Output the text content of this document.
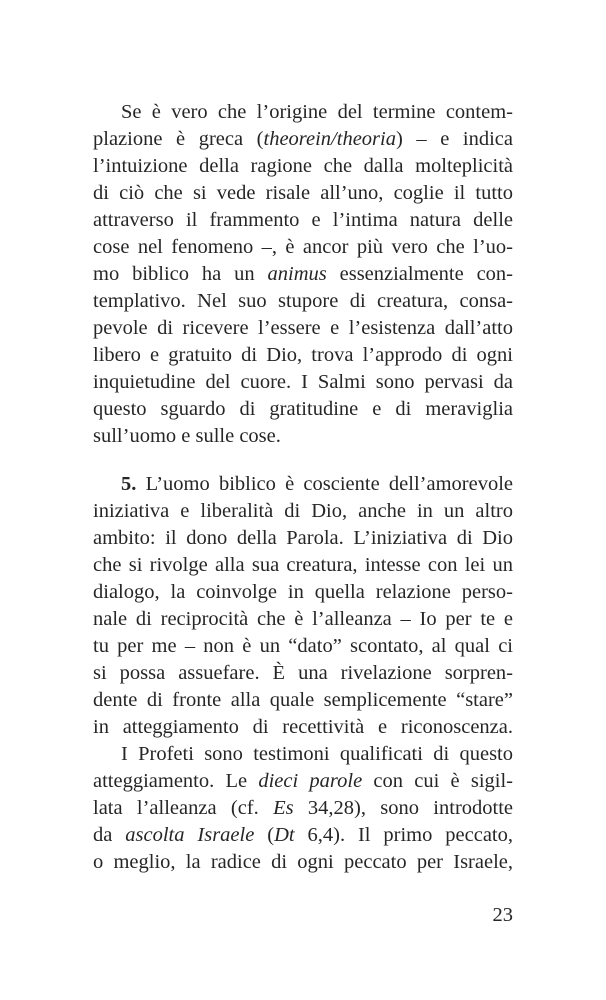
Se è vero che l’origine del termine contem-
plazione è greca (theorein/theoria) – e indica
l’intuizione della ragione che dalla molteplicità
di ciò che si vede risale all’uno, coglie il tutto
attraverso il frammento e l’intima natura delle
cose nel fenomeno –, è ancor più vero che l’uo-
mo biblico ha un animus essenzialmente con-
templativo. Nel suo stupore di creatura, consa-
pevole di ricevere l’essere e l’esistenza dall’atto
libero e gratuito di Dio, trova l’approdo di ogni
inquietudine del cuore. I Salmi sono pervasi da
questo sguardo di gratitudine e di meraviglia
sull’uomo e sulle cose.
5. L’uomo biblico è cosciente dell’amorevole
iniziativa e liberalità di Dio, anche in un altro
ambito: il dono della Parola. L’iniziativa di Dio
che si rivolge alla sua creatura, intesse con lei un
dialogo, la coinvolge in quella relazione perso-
nale di reciprocità che è l’alleanza – Io per te e
tu per me – non è un “dato” scontato, al qual ci
si possa assuefare. È una rivelazione sorpren-
dente di fronte alla quale semplicemente “stare”
in atteggiamento di recettività e riconoscenza.
I Profeti sono testimoni qualificati di questo
atteggiamento. Le dieci parole con cui è sigil-
lata l’alleanza (cf. Es 34,28), sono introdotte
da ascolta Israele (Dt 6,4). Il primo peccato,
o meglio, la radice di ogni peccato per Israele,
23
